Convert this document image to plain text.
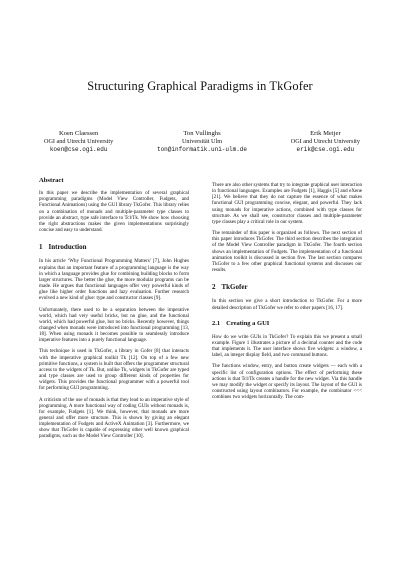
Structuring Graphical Paradigms in TkGofer
Koen Claessen
OGI and Utrecht University
koen@cse.ogi.edu
Ton Vullinghs
Universität Ulm
ton@informatik.uni-ulm.de
Erik Meijer
OGI and Utrecht University
erik@cse.ogi.edu
Abstract

In this paper we describe the implementation of several graphical programming paradigms (Model View Controller, Fudgets, and Functional Animations) using the GUI library TkGofer. This library relies on a combination of monads and multiple-parameter type classes to provide an abstract, type safe interface to Tcl/Tk. We show how choosing the right abstractions makes the given implementations surprisingly concise and easy to understand.

1 Introduction

In his article ‘Why Functional Programming Matters’ [7], John Hughes explains that an important feature of a programming language is the way in which a language provides glue for combining building blocks to form larger structures. The better the glue, the more modular programs can be made. He argues that functional languages offer very powerful kinds of glue like higher order functions and lazy evaluation. Further research evolved a new kind of glue: type and constructor classes [9].

Unfortunately, there used to be a separation between the imperative world, which had very useful bricks, but no glue, and the functional world, which had powerful glue, but no bricks. Recently however, things changed when monads were introduced into functional programming [13, 18]. When using monads it becomes possible to seamlessly introduce imperative features into a purely functional language.

This technique is used in TkGofer, a library in Gofer [8] that interacts with the imperative graphical toolkit Tk [12]. On top of a few new primitive functions, a system is built that offers the programmer structural access to the widgets of Tk. But, unlike Tk, widgets in TkGofer are typed and type classes are used to group different kinds of properties for widgets. This provides the functional programmer with a powerful tool for performing GUI programming.

A criticism of the use of monads is that they lead to an imperative style of programming. A more functional way of coding GUIs without monads is, for example, Fudgets [1]. We think, however, that monads are more general and offer more structure. This is shown by giving an elegant implementation of Fudgets and ActiveX Animation [3]. Furthermore, we show that TkGofer is capable of expressing other well known graphical paradigms, such as the Model View Controller [10].

There are also other systems that try to integrate graphical user interaction in functional languages. Examples are Fudgets [1], Haggis [5] and eXene [21]. We believe that they do not capture the essence of what makes functional GUI programming concise, elegant, and powerful. They lack using monads for imperative actions, combined with type classes for structure. As we shall see, constructor classes and multiple-parameter type classes play a critical role in our system.

The remainder of this paper is organized as follows. The next section of this paper introduces TkGofer. The third section describes the integration of the Model View Controller paradigm in TkGofer. The fourth section shows an implementation of Fudgets. The implementation of a functional animation toolkit is discussed in section five. The last section compares TkGofer to a few other graphical functional systems and discusses our results.

2 TkGofer

In this section we give a short introduction to TkGofer. For a more detailed description of TkGofer we refer to other papers [16, 17].

2.1 Creating a GUI

How do we write GUIs in TkGofer? To explain this we present a small example. Figure 1 illustrates a picture of a decimal counter and the code that implements it. The user interface shows five widgets: a window, a label, an integer display field, and two command buttons.

The functions window, entry, and button create widgets — each with a specific list of configuration options. The effect of performing these actions is that Tcl/Tk creates a handle for the new widget. Via this handle we may modify the widget or specify its layout. The layout of the GUI is constructed using layout combinators. For example, the combinator <<< combines two widgets horizontally. The com-
